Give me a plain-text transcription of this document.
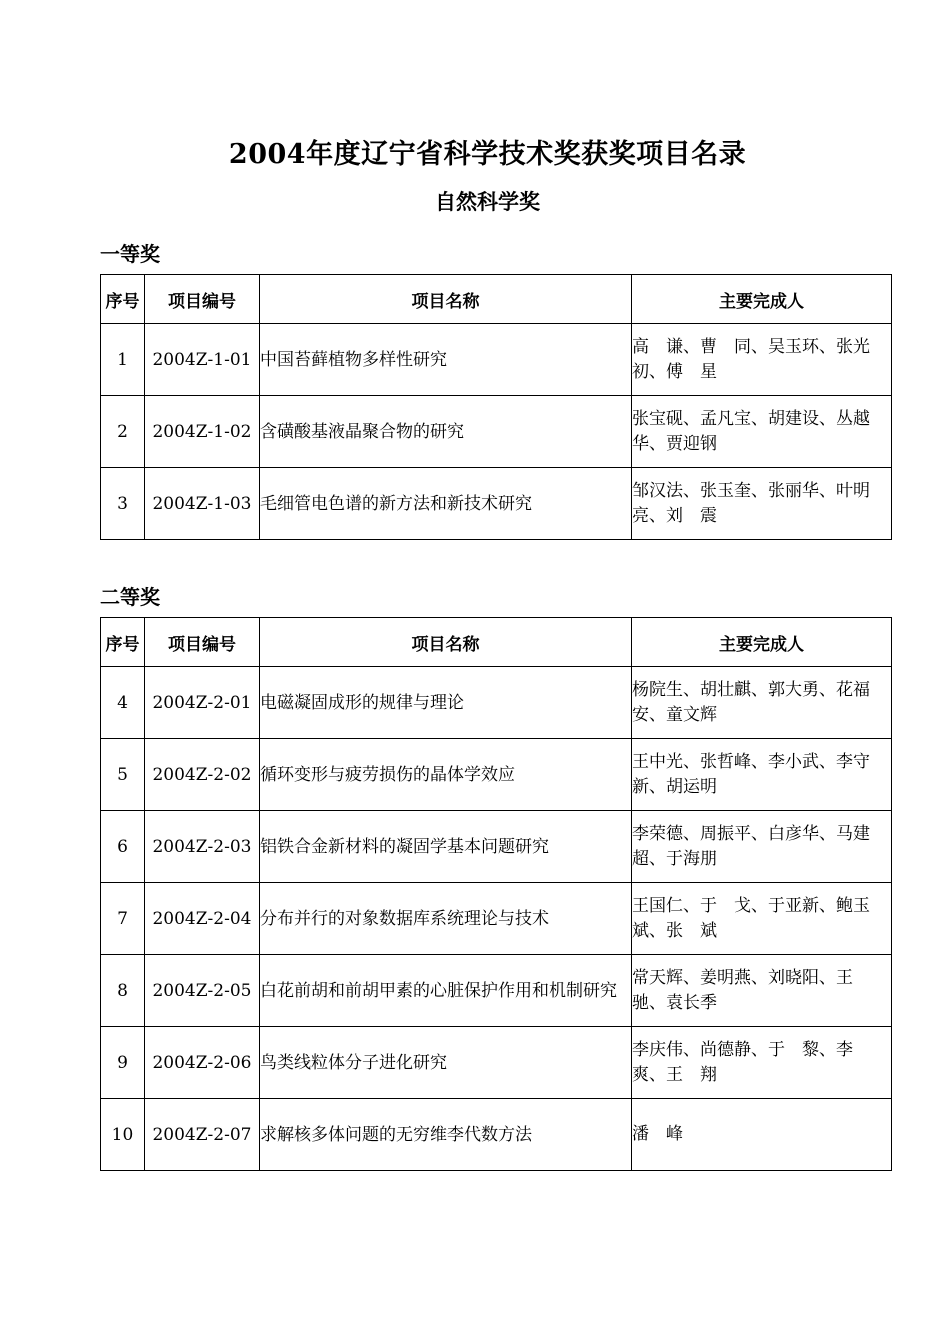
2004年度辽宁省科学技术奖获奖项目名录
自然科学奖
一等奖
序号	项目编号	项目名称	主要完成人
1	2004Z-1-01	中国苔藓植物多样性研究	高　谦、曹　同、吴玉环、张光初、傅　星
2	2004Z-1-02	含磺酸基液晶聚合物的研究	张宝砚、孟凡宝、胡建设、丛越华、贾迎钢
3	2004Z-1-03	毛细管电色谱的新方法和新技术研究	邹汉法、张玉奎、张丽华、叶明亮、刘　震
二等奖
序号	项目编号	项目名称	主要完成人
4	2004Z-2-01	电磁凝固成形的规律与理论	杨院生、胡壮麒、郭大勇、花福安、童文辉
5	2004Z-2-02	循环变形与疲劳损伤的晶体学效应	王中光、张哲峰、李小武、李守新、胡运明
6	2004Z-2-03	铝铁合金新材料的凝固学基本问题研究	李荣德、周振平、白彦华、马建超、于海朋
7	2004Z-2-04	分布并行的对象数据库系统理论与技术	王国仁、于　戈、于亚新、鲍玉斌、张　斌
8	2004Z-2-05	白花前胡和前胡甲素的心脏保护作用和机制研究	常天辉、姜明燕、刘晓阳、王　驰、袁长季
9	2004Z-2-06	鸟类线粒体分子进化研究	李庆伟、尚德静、于　黎、李　爽、王　翔
10	2004Z-2-07	求解核多体问题的无穷维李代数方法	潘　峰
